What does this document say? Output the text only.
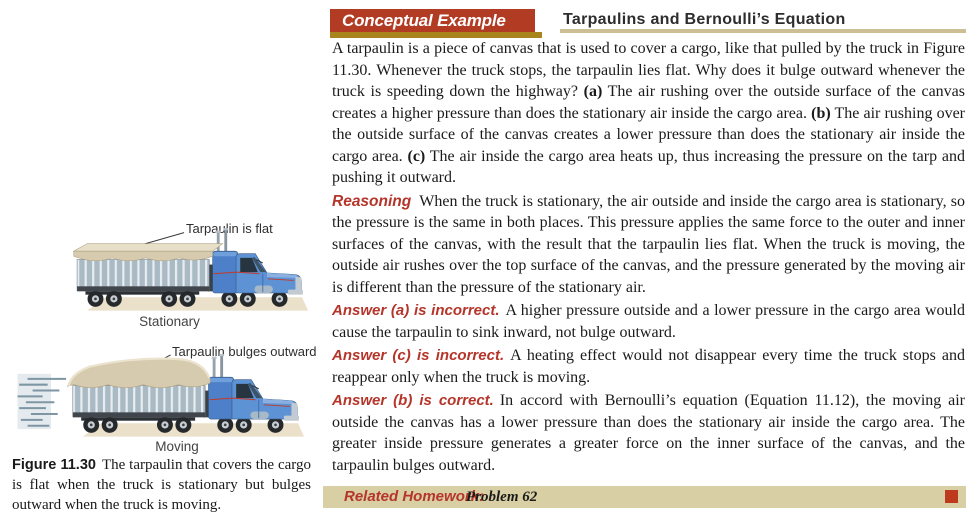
Tarpaulin is flat
Stationary
Tarpaulin bulges outward
Moving
Figure 11.30 The tarpaulin that covers the cargo is flat when the truck is stationary but bulges outward when the truck is moving.
Conceptual Example	Tarpaulins and Bernoulli’s Equation

A tarpaulin is a piece of canvas that is used to cover a cargo, like that pulled by the truck in Figure 11.30. Whenever the truck stops, the tarpaulin lies flat. Why does it bulge outward whenever the truck is speeding down the highway? (a) The air rushing over the outside surface of the canvas creates a higher pressure than does the stationary air inside the cargo area. (b) The air rushing over the outside surface of the canvas creates a lower pressure than does the stationary air inside the cargo area. (c) The air inside the cargo area heats up, thus increasing the pressure on the tarp and pushing it outward.

Reasoning When the truck is stationary, the air outside and inside the cargo area is stationary, so the pressure is the same in both places. This pressure applies the same force to the outer and inner surfaces of the canvas, with the result that the tarpaulin lies flat. When the truck is moving, the outside air rushes over the top surface of the canvas, and the pressure generated by the moving air is different than the pressure of the stationary air.

Answer (a) is incorrect. A higher pressure outside and a lower pressure in the cargo area would cause the tarpaulin to sink inward, not bulge outward.

Answer (c) is incorrect. A heating effect would not disappear every time the truck stops and reappear only when the truck is moving.

Answer (b) is correct. In accord with Bernoulli’s equation (Equation 11.12), the moving air outside the canvas has a lower pressure than does the stationary air inside the cargo area. The greater inside pressure generates a greater force on the inner surface of the canvas, and the tarpaulin bulges outward.

Related Homework:
Problem 62
